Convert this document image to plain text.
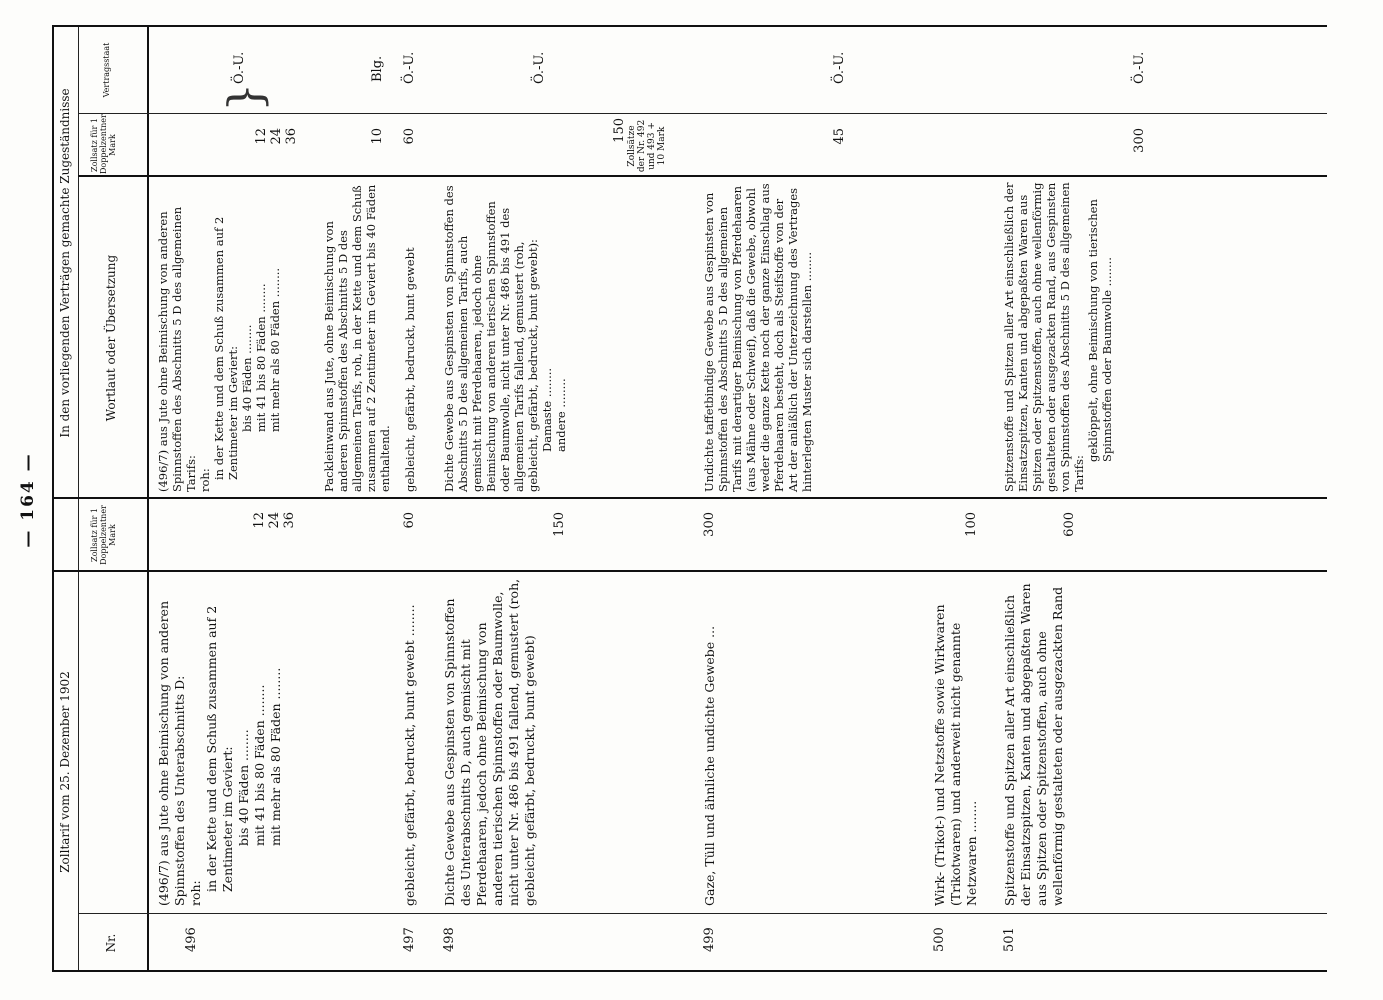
— 164 —
Zolltarif vom 25. Dezember 1902
In den vorliegenden Verträgen gemachte Zugeständnisse
Nr.
Zollsatz für 1 Doppelzentner Mark
Wortlaut oder Übersetzung
Zollsatz für 1 Doppelzentner Mark
Vertragsstaat
496
(496/7) aus Jute ohne Beimischung von anderen Spinnstoffen des Unterabschnitts D: roh:
in der Kette und dem Schuß zusammen auf 2 Zentimeter im Geviert: bis 40 Fäden ........ mit 41 bis 80 Fäden ........ mit mehr als 80 Fäden ........
12 24 36
(496/7) aus Jute ohne Beimischung von anderen Spinnstoffen des Abschnitts 5 D des allgemeinen Tarifs: roh:
in der Kette und dem Schuß zusammen auf 2 Zentimeter im Geviert: bis 40 Fäden ........ mit 41 bis 80 Fäden ........ mit mehr als 80 Fäden ........
12 24 36
Ö.-U.
}
Packleinwand aus Jute, ohne Beimischung von anderen Spinnstoffen des Abschnitts 5 D des allgemeinen Tarifs, roh, in der Kette und dem Schuß zusammen auf 2 Zentimeter im Geviert bis 40 Fäden enthaltend.
10
Blg.
497
gebleicht, gefärbt, bedruckt, bunt gewebt ........
60
gebleicht, gefärbt, bedruckt, bunt gewebt
60
Ö.-U.
498
Dichte Gewebe aus Gespinsten von Spinnstoffen des Unterabschnitts D, auch gemischt mit Pferdehaaren, jedoch ohne Beimischung von anderen tierischen Spinnstoffen oder Baumwolle, nicht unter Nr. 486 bis 491 fallend, gemustert (roh, gebleicht, gefärbt, bedruckt, bunt gewebt)
150
Dichte Gewebe aus Gespinsten von Spinnstoffen des Abschnitts 5 D des allgemeinen Tarifs, auch gemischt mit Pferdehaaren, jedoch ohne Beimischung von anderen tierischen Spinnstoffen oder Baumwolle, nicht unter Nr. 486 bis 491 des allgemeinen Tarifs fallend, gemustert (roh, gebleicht, gefärbt, bedruckt, bunt gewebt): Damaste ........ andere ........
150 Zollsätze der Nr. 492 und 493 + 10 Mark
Ö.-U.
499
Gaze, Tüll und ähnliche undichte Gewebe ...
300
Undichte taffetbindige Gewebe aus Gespinsten von Spinnstoffen des Abschnitts 5 D des allgemeinen Tarifs mit derartiger Beimischung von Pferdehaaren (aus Mähne oder Schweif), daß die Gewebe, obwohl weder die ganze Kette noch der ganze Einschlag aus Pferdehaaren besteht, doch als Steifstoffe von der Art der anläßlich der Unterzeichnung des Vertrages hinterlegten Muster sich darstellen ........
45
Ö.-U.
500
Wirk- (Trikot-) und Netzstoffe sowie Wirkwaren (Trikotwaren) und anderweit nicht genannte Netzwaren ........
100
501
Spitzenstoffe und Spitzen aller Art einschließlich der Einsatzspitzen, Kanten und abgepaßten Waren aus Spitzen oder Spitzenstoffen, auch ohne wellenförmig gestalteten oder ausgezackten Rand
600
Spitzenstoffe und Spitzen aller Art einschließlich der Einsatzspitzen, Kanten und abgepaßten Waren aus Spitzen oder Spitzenstoffen, auch ohne wellenförmig gestalteten oder ausgezackten Rand, aus Gespinsten von Spinnstoffen des Abschnitts 5 D des allgemeinen Tarifs:
geklöppelt, ohne Beimischung von tierischen Spinnstoffen oder Baumwolle ........
300
Ö.-U.
